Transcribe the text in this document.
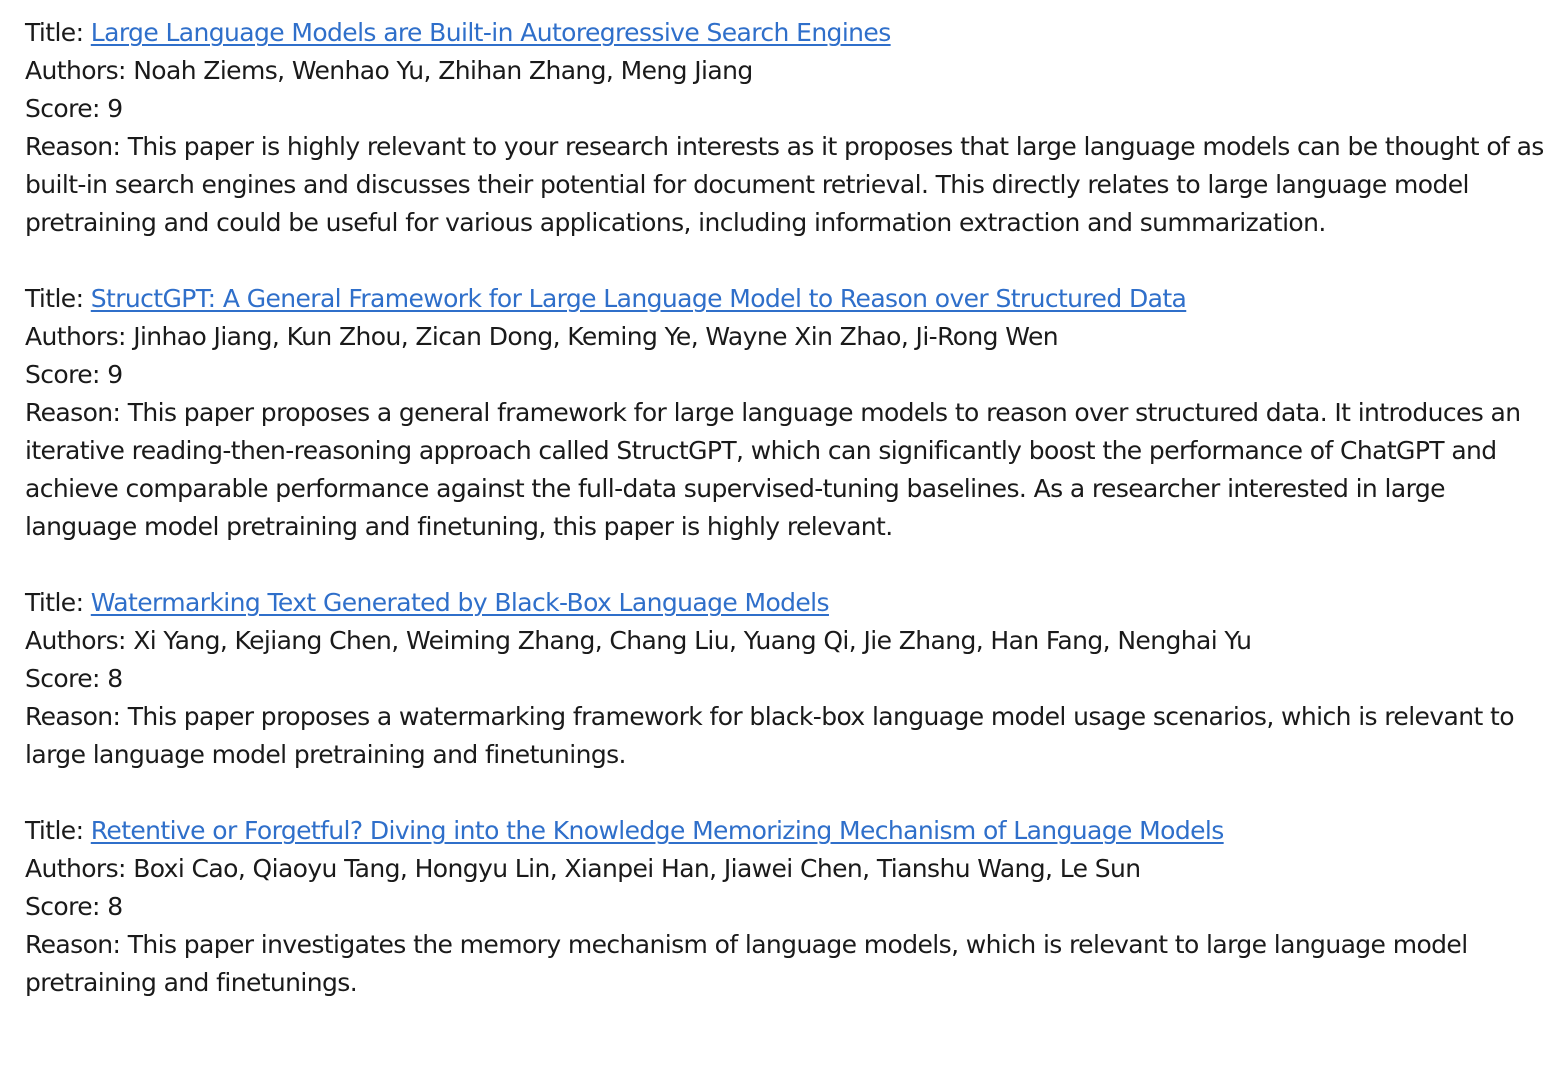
Title: Large Language Models are Built-in Autoregressive Search Engines
Authors: Noah Ziems, Wenhao Yu, Zhihan Zhang, Meng Jiang
Score: 9
Reason: This paper is highly relevant to your research interests as it proposes that large language models can be thought of as built-in search engines and discusses their potential for document retrieval. This directly relates to large language model pretraining and could be useful for various applications, including information extraction and summarization.
Title: StructGPT: A General Framework for Large Language Model to Reason over Structured Data
Authors: Jinhao Jiang, Kun Zhou, Zican Dong, Keming Ye, Wayne Xin Zhao, Ji-Rong Wen
Score: 9
Reason: This paper proposes a general framework for large language models to reason over structured data. It introduces an iterative reading-then-reasoning approach called StructGPT, which can significantly boost the performance of ChatGPT and achieve comparable performance against the full-data supervised-tuning baselines. As a researcher interested in large language model pretraining and finetuning, this paper is highly relevant.
Title: Watermarking Text Generated by Black-Box Language Models
Authors: Xi Yang, Kejiang Chen, Weiming Zhang, Chang Liu, Yuang Qi, Jie Zhang, Han Fang, Nenghai Yu
Score: 8
Reason: This paper proposes a watermarking framework for black-box language model usage scenarios, which is relevant to large language model pretraining and finetunings.
Title: Retentive or Forgetful? Diving into the Knowledge Memorizing Mechanism of Language Models
Authors: Boxi Cao, Qiaoyu Tang, Hongyu Lin, Xianpei Han, Jiawei Chen, Tianshu Wang, Le Sun
Score: 8
Reason: This paper investigates the memory mechanism of language models, which is relevant to large language model pretraining and finetunings.
